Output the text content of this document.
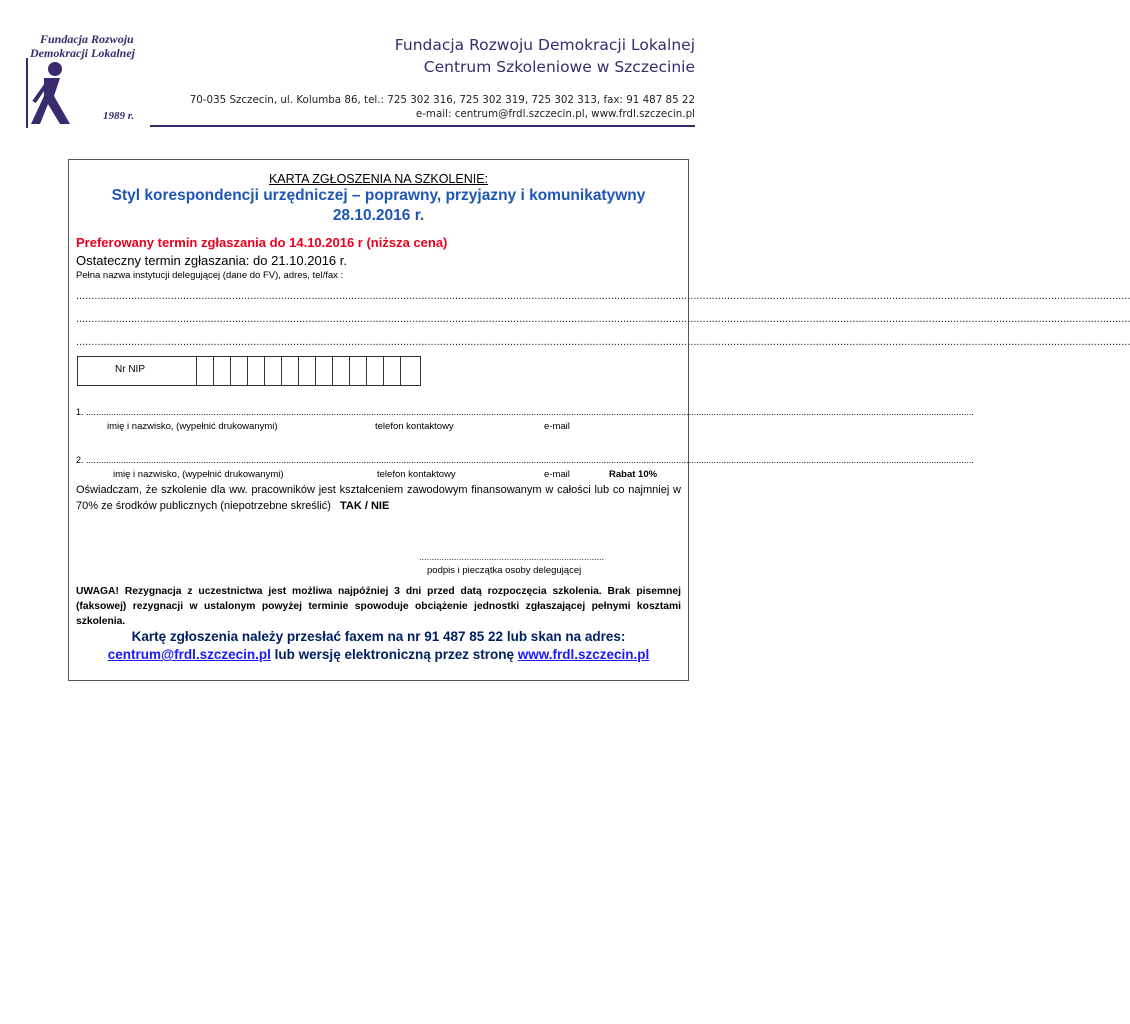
Fundacja Rozwoju
Demokracji Lokalnej
1989 r.
Fundacja Rozwoju Demokracji Lokalnej
Centrum Szkoleniowe w Szczecinie
70-035 Szczecin, ul. Kolumba 86, tel.: 725 302 316, 725 302 319, 725 302 313, fax: 91 487 85 22
e-mail: centrum@frdl.szczecin.pl, www.frdl.szczecin.pl
KARTA ZGŁOSZENIA NA SZKOLENIE:
Styl korespondencji urzędniczej – poprawny, przyjazny i komunikatywny
28.10.2016 r.
Preferowany termin zgłaszania do 14.10.2016 r (niższa cena)
Ostateczny termin zgłaszania: do 21.10.2016 r.
Pełna nazwa instytucji delegującej (dane do FV), adres, tel/fax :
.........................................................................................................................................................................................................................................................................................................................................................
.........................................................................................................................................................................................................................................................................................................................................................
.........................................................................................................................................................................................................................................................................................................................................................
Nr NIP
1. ...................................................................................................................................................................................................................................................................................................................................................................
imię i nazwisko, (wypełnić drukowanymi)	telefon kontaktowy	e-mail
2. ...................................................................................................................................................................................................................................................................................................................................................................
imię i nazwisko, (wypełnić drukowanymi)	telefon kontaktowy	e-mail	Rabat 10%
Oświadczam, że szkolenie dla ww. pracowników jest kształceniem zawodowym finansowanym w całości lub co najmniej w 70% ze środków publicznych (niepotrzebne skreślić) TAK / NIE
..........................................................................
podpis i pieczątka osoby delegującej
UWAGA! Rezygnacja z uczestnictwa jest możliwa najpóźniej 3 dni przed datą rozpoczęcia szkolenia. Brak pisemnej (faksowej) rezygnacji w ustalonym powyżej terminie spowoduje obciążenie jednostki zgłaszającej pełnymi kosztami szkolenia.
Kartę zgłoszenia należy przesłać faxem na nr 91 487 85 22 lub skan na adres:
centrum@frdl.szczecin.pl lub wersję elektroniczną przez stronę www.frdl.szczecin.pl
